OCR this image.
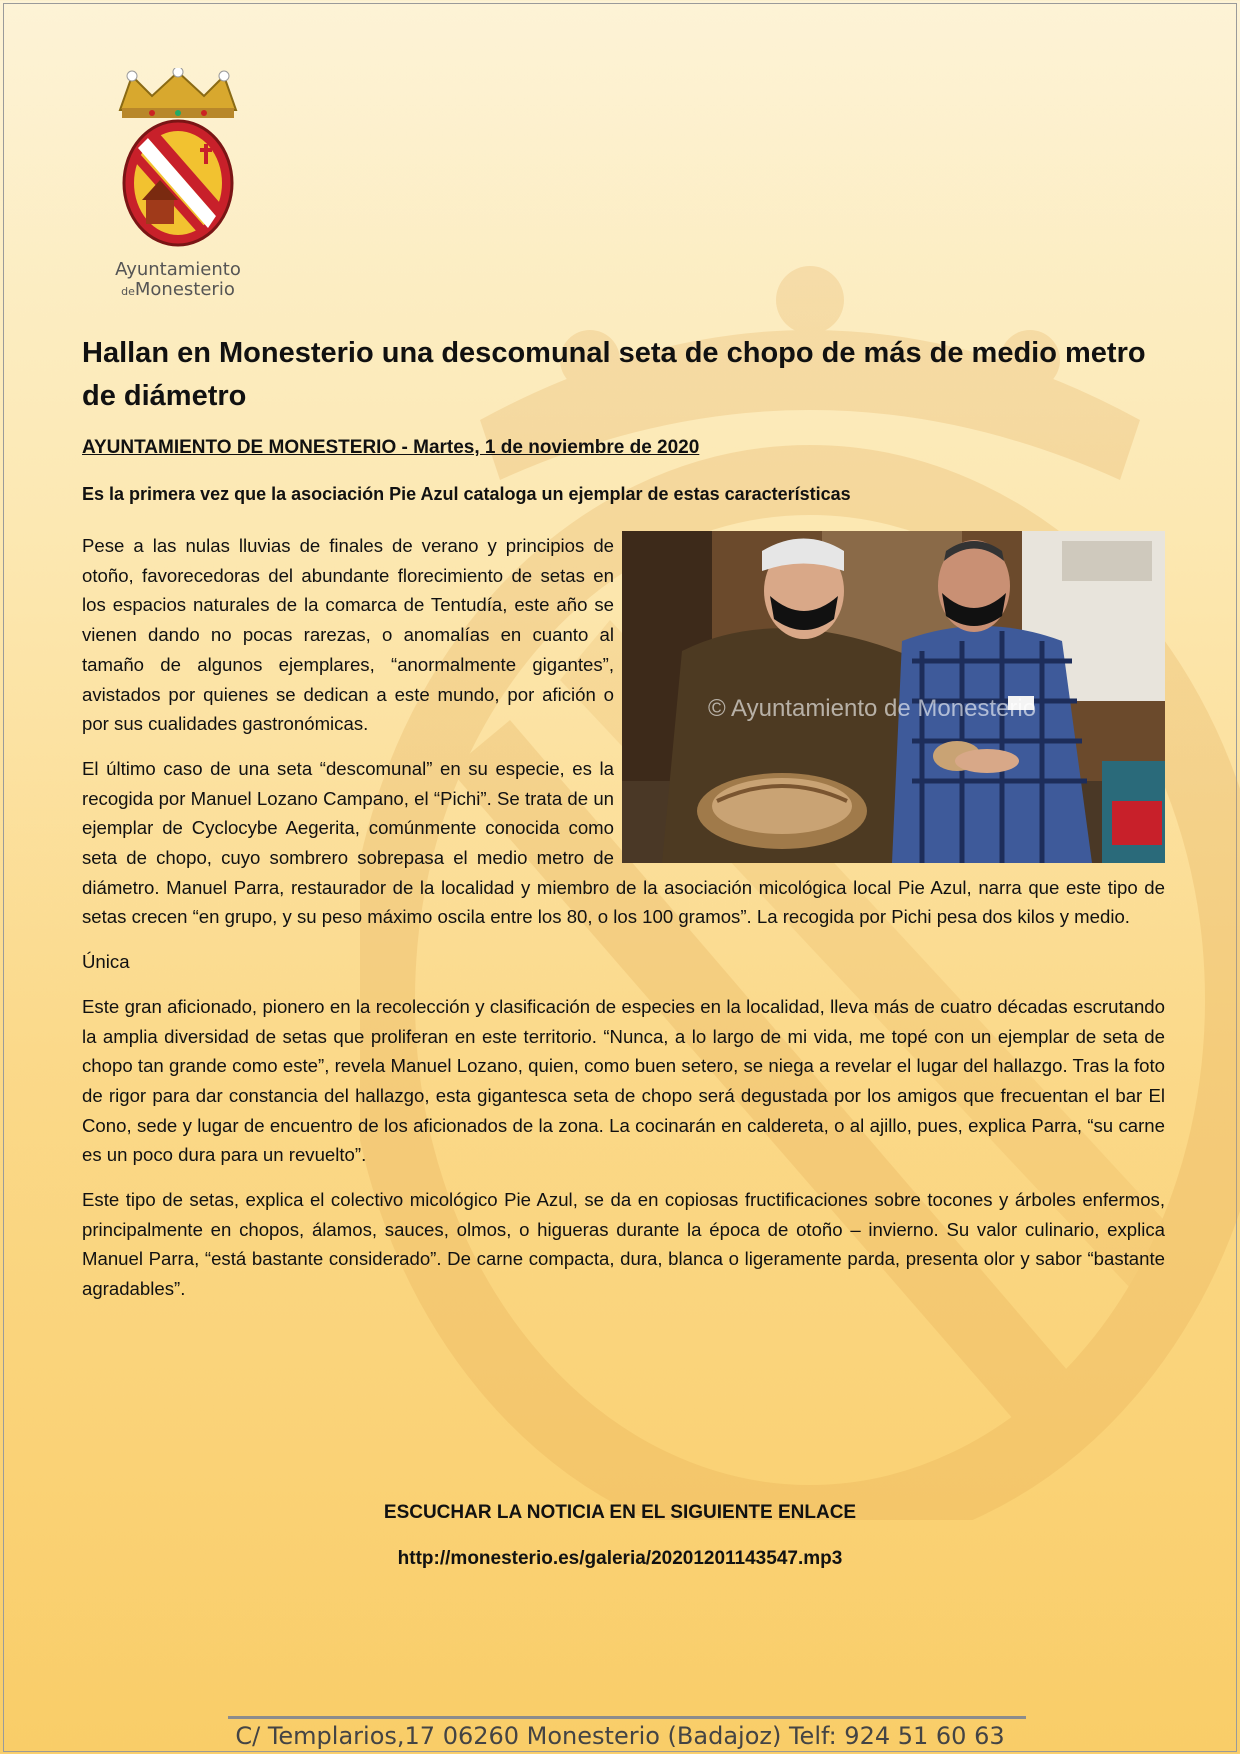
Ayuntamiento
deMonesterio
Hallan en Monesterio una descomunal seta de chopo de más de medio metro de diámetro

AYUNTAMIENTO DE MONESTERIO - Martes, 1 de noviembre de 2020

Es la primera vez que la asociación Pie Azul cataloga un ejemplar de estas características

© Ayuntamiento de Monesterio

Pese a las nulas lluvias de finales de verano y principios de otoño, favorecedoras del abundante florecimiento de setas en los espacios naturales de la comarca de Tentudía, este año se vienen dando no pocas rarezas, o anomalías en cuanto al tamaño de algunos ejemplares, “anormalmente gigantes”, avistados por quienes se dedican a este mundo, por afición o por sus cualidades gastronómicas.

El último caso de una seta “descomunal” en su especie, es la recogida por Manuel Lozano Campano, el “Pichi”. Se trata de un ejemplar de Cyclocybe Aegerita, comúnmente conocida como seta de chopo, cuyo sombrero sobrepasa el medio metro de diámetro. Manuel Parra, restaurador de la localidad y miembro de la asociación micológica local Pie Azul, narra que este tipo de setas crecen “en grupo, y su peso máximo oscila entre los 80, o los 100 gramos”. La recogida por Pichi pesa dos kilos y medio.

Única

Este gran aficionado, pionero en la recolección y clasificación de especies en la localidad, lleva más de cuatro décadas escrutando la amplia diversidad de setas que proliferan en este territorio. “Nunca, a lo largo de mi vida, me topé con un ejemplar de seta de chopo tan grande como este”, revela Manuel Lozano, quien, como buen setero, se niega a revelar el lugar del hallazgo. Tras la foto de rigor para dar constancia del hallazgo, esta gigantesca seta de chopo será degustada por los amigos que frecuentan el bar El Cono, sede y lugar de encuentro de los aficionados de la zona. La cocinarán en caldereta, o al ajillo, pues, explica Parra, “su carne es un poco dura para un revuelto”.

Este tipo de setas, explica el colectivo micológico Pie Azul, se da en copiosas fructificaciones sobre tocones y árboles enfermos, principalmente en chopos, álamos, sauces, olmos, o higueras durante la época de otoño – invierno. Su valor culinario, explica Manuel Parra, “está bastante considerado”. De carne compacta, dura, blanca o ligeramente parda, presenta olor y sabor “bastante agradables”.

ESCUCHAR LA NOTICIA EN EL SIGUIENTE ENLACE

http://monesterio.es/galeria/20201201143547.mp3

C/ Templarios,17 06260 Monesterio (Badajoz) Telf: 924 51 60 63
